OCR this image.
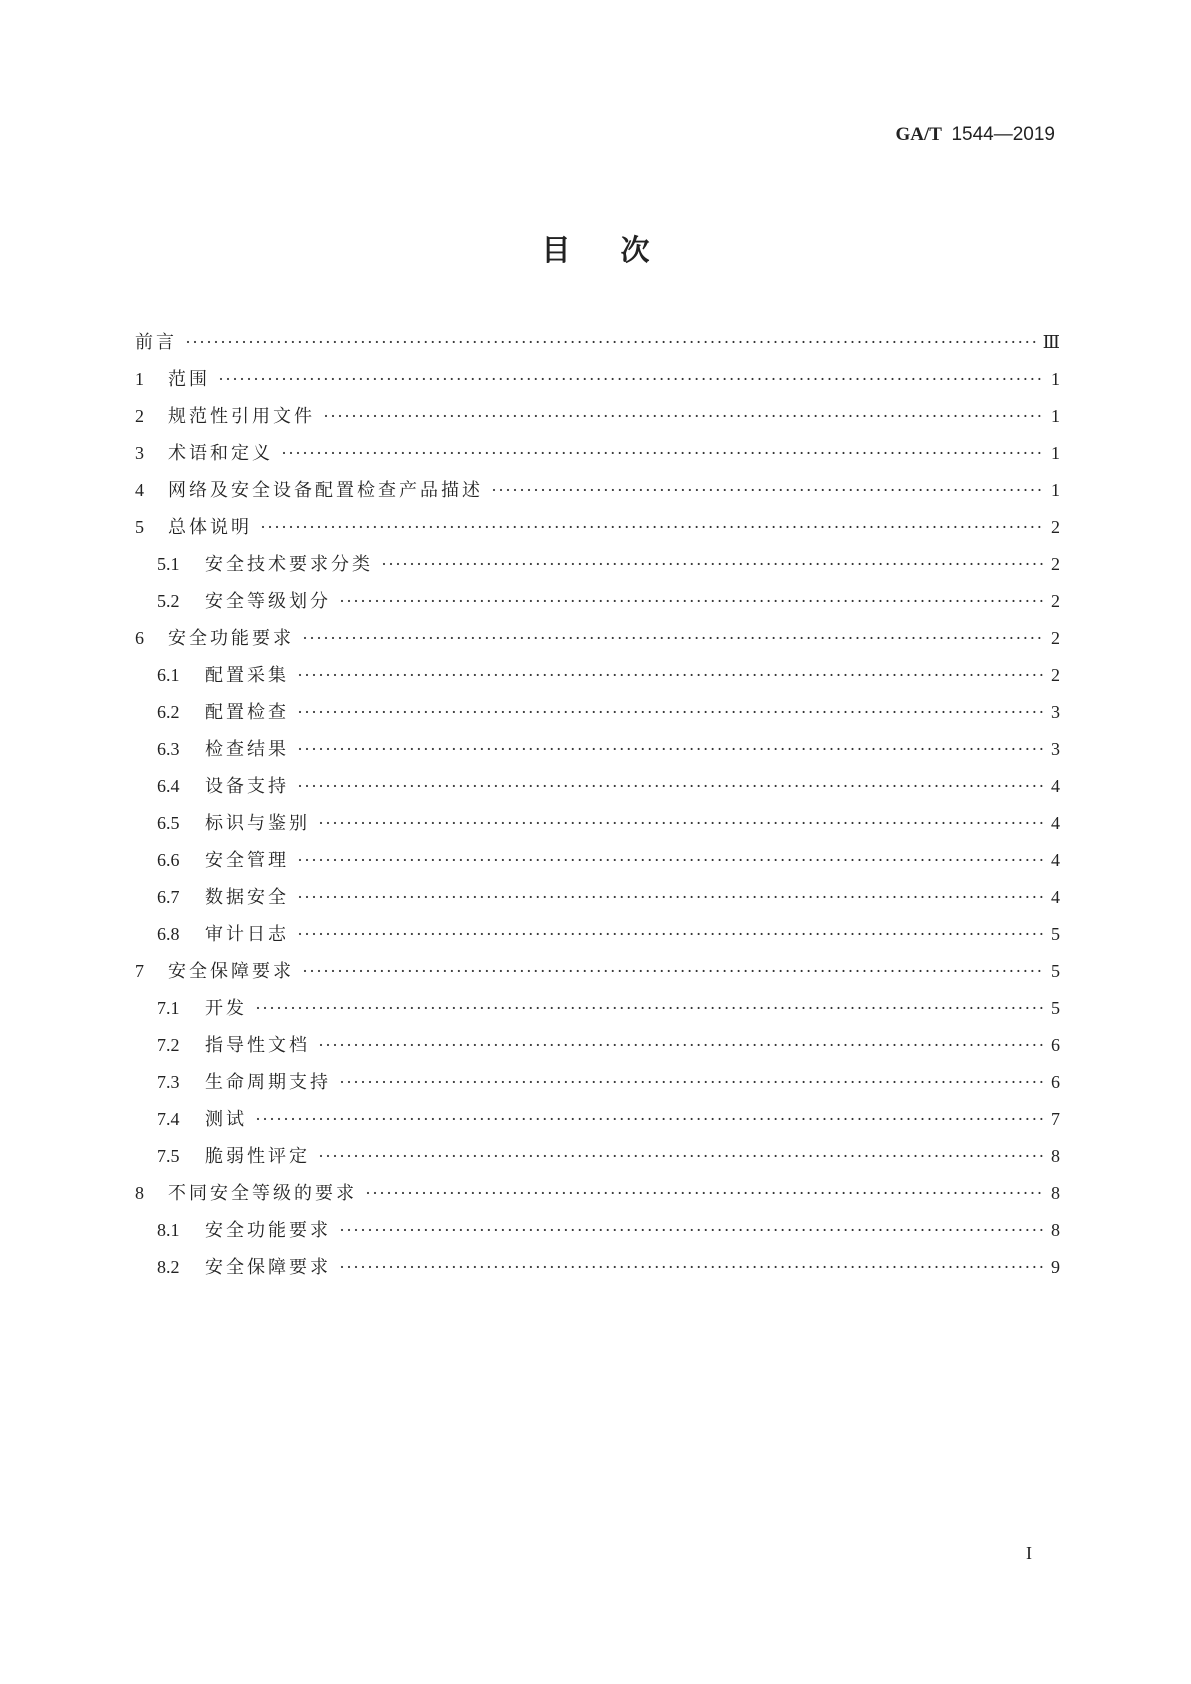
GA/T 1544—2019
目次
前言 ·····	Ⅲ
1	范围 ·····	1
2	规范性引用文件 ·····	1
3	术语和定义 ·····	1
4	网络及安全设备配置检查产品描述 ·····	1
5	总体说明 ·····	2
5.1	安全技术要求分类 ·····	2
5.2	安全等级划分 ·····	2
6	安全功能要求 ·····	2
6.1	配置采集 ·····	2
6.2	配置检查 ·····	3
6.3	检查结果 ·····	3
6.4	设备支持 ·····	4
6.5	标识与鉴别 ·····	4
6.6	安全管理 ·····	4
6.7	数据安全 ·····	4
6.8	审计日志 ·····	5
7	安全保障要求 ·····	5
7.1	开发 ·····	5
7.2	指导性文档 ·····	6
7.3	生命周期支持 ·····	6
7.4	测试 ·····	7
7.5	脆弱性评定 ·····	8
8	不同安全等级的要求 ·····	8
8.1	安全功能要求 ·····	8
8.2	安全保障要求 ·····	9
I
